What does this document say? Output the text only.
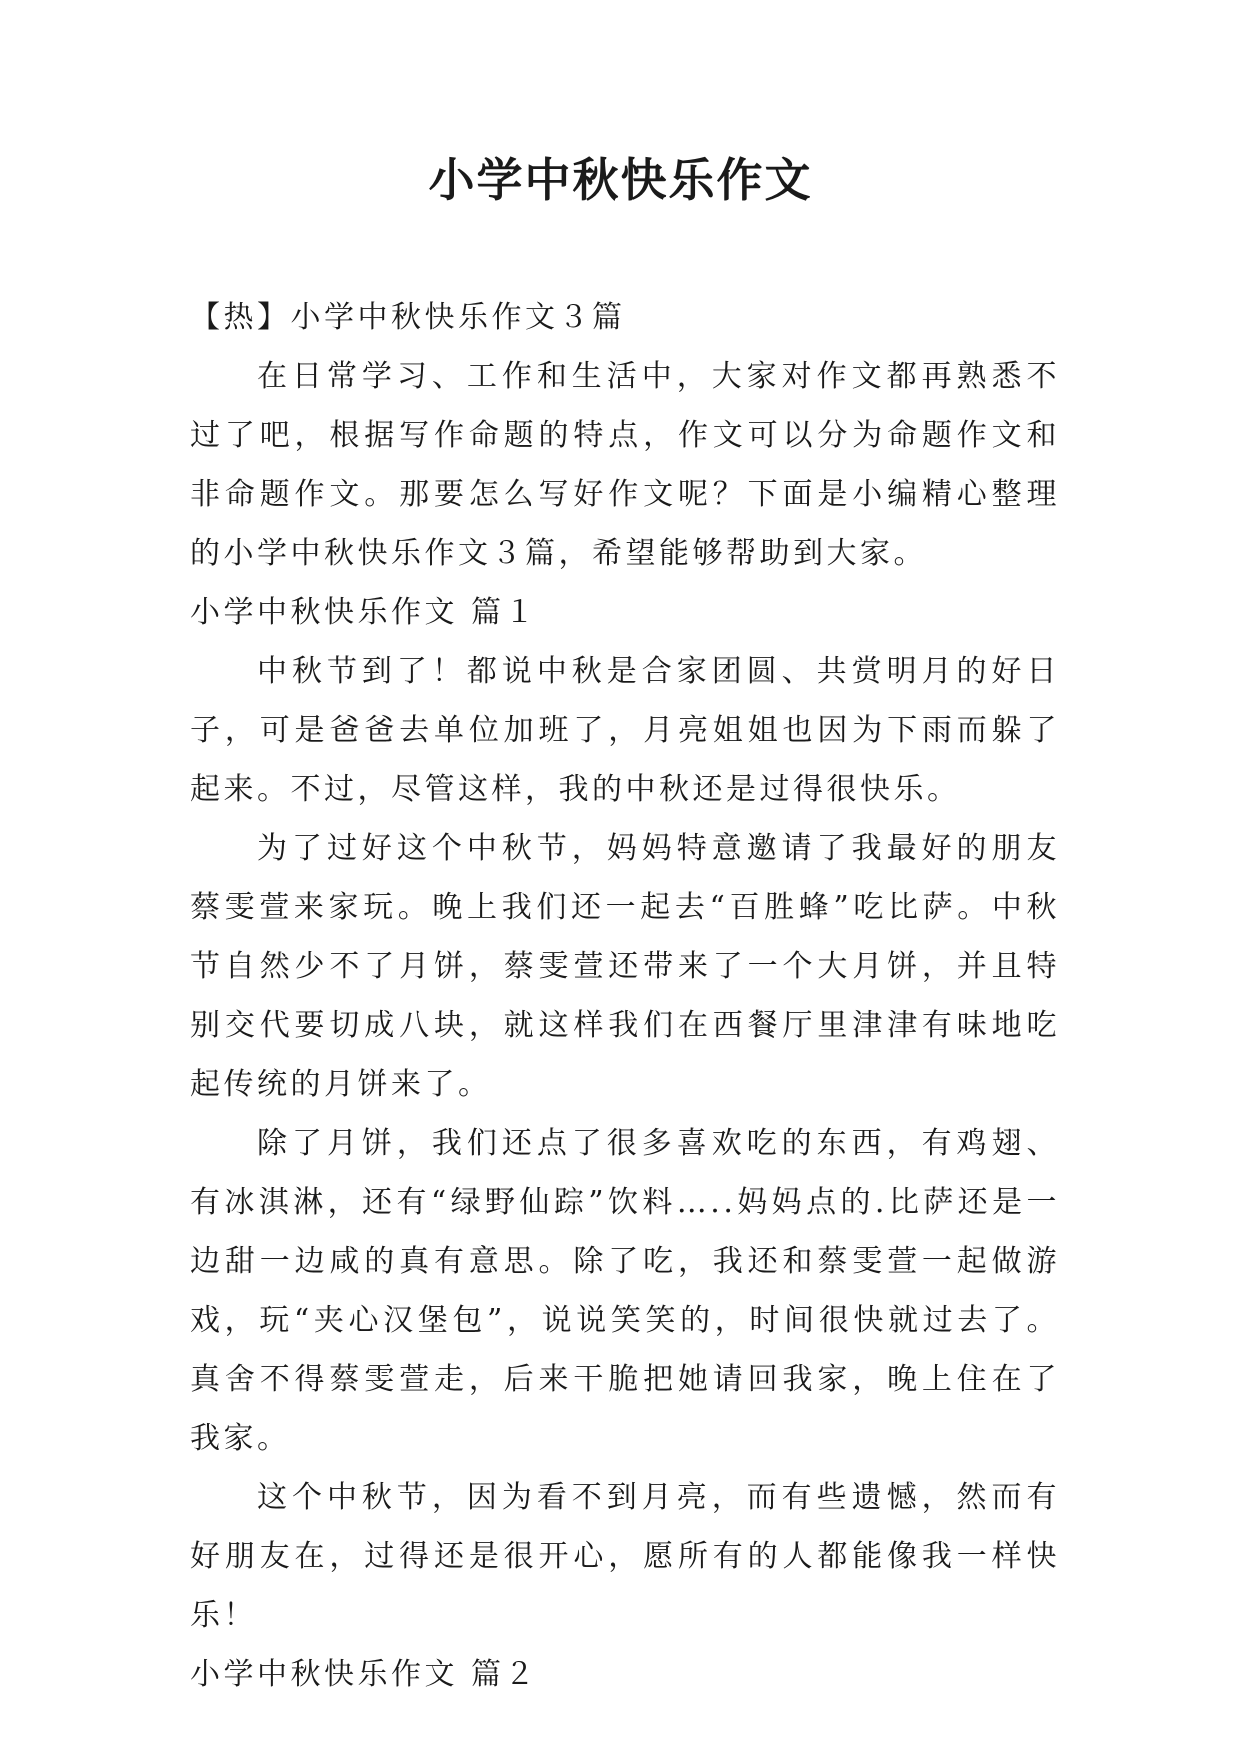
小学中秋快乐作文

【热】小学中秋快乐作文３篇

在日常学习、工作和生活中，大家对作文都再熟悉不过了吧，根据写作命题的特点，作文可以分为命题作文和非命题作文。那要怎么写好作文呢？下面是小编精心整理的小学中秋快乐作文３篇，希望能够帮助到大家。

小学中秋快乐作文 篇１

中秋节到了！都说中秋是合家团圆、共赏明月的好日子，可是爸爸去单位加班了，月亮姐姐也因为下雨而躲了起来。不过，尽管这样，我的中秋还是过得很快乐。

为了过好这个中秋节，妈妈特意邀请了我最好的朋友蔡雯萱来家玩。晚上我们还一起去“百胜蜂”吃比萨。中秋节自然少不了月饼，蔡雯萱还带来了一个大月饼，并且特别交代要切成八块，就这样我们在西餐厅里津津有味地吃起传统的月饼来了。

除了月饼，我们还点了很多喜欢吃的东西，有鸡翅、有冰淇淋，还有“绿野仙踪”饮料…..妈妈点的.比萨还是一边甜一边咸的真有意思。除了吃，我还和蔡雯萱一起做游戏，玩“夹心汉堡包”，说说笑笑的，时间很快就过去了。真舍不得蔡雯萱走，后来干脆把她请回我家，晚上住在了我家。

这个中秋节，因为看不到月亮，而有些遗憾，然而有好朋友在，过得还是很开心，愿所有的人都能像我一样快乐！

小学中秋快乐作文 篇２
